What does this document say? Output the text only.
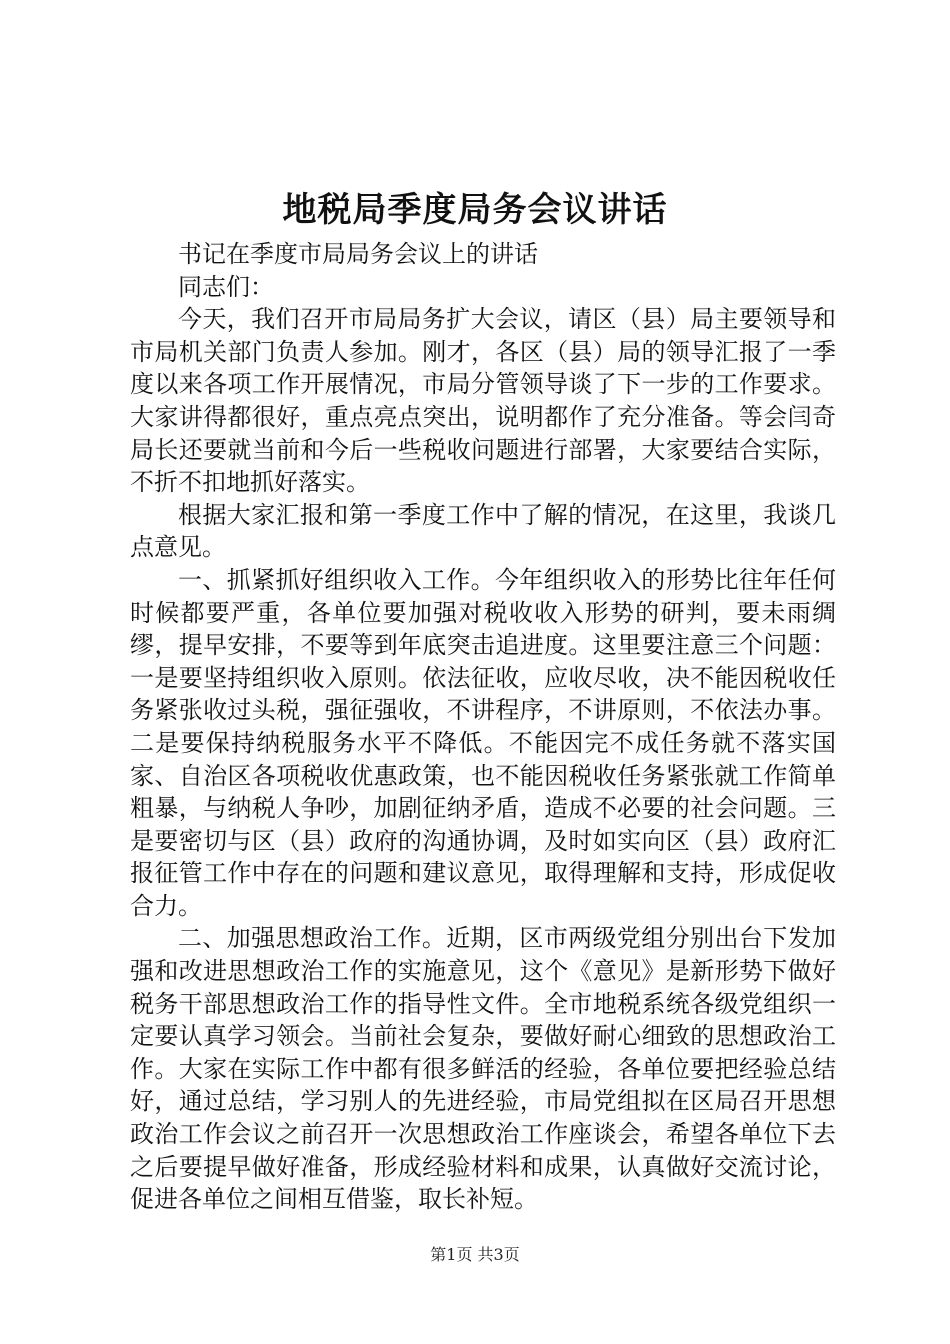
地税局季度局务会议讲话

书记在季度市局局务会议上的讲话

同志们：

今天，我们召开市局局务扩大会议，请区（县）局主要领导和市局机关部门负责人参加。刚才，各区（县）局的领导汇报了一季度以来各项工作开展情况，市局分管领导谈了下一步的工作要求。大家讲得都很好，重点亮点突出，说明都作了充分准备。等会闫奇局长还要就当前和今后一些税收问题进行部署，大家要结合实际，不折不扣地抓好落实。

根据大家汇报和第一季度工作中了解的情况，在这里，我谈几点意见。

一、抓紧抓好组织收入工作。今年组织收入的形势比往年任何时候都要严重，各单位要加强对税收收入形势的研判，要未雨绸缪，提早安排，不要等到年底突击追进度。这里要注意三个问题：一是要坚持组织收入原则。依法征收，应收尽收，决不能因税收任务紧张收过头税，强征强收，不讲程序，不讲原则，不依法办事。二是要保持纳税服务水平不降低。不能因完不成任务就不落实国家、自治区各项税收优惠政策，也不能因税收任务紧张就工作简单粗暴，与纳税人争吵，加剧征纳矛盾，造成不必要的社会问题。三是要密切与区（县）政府的沟通协调，及时如实向区（县）政府汇报征管工作中存在的问题和建议意见，取得理解和支持，形成促收合力。

二、加强思想政治工作。近期，区市两级党组分别出台下发加强和改进思想政治工作的实施意见，这个《意见》是新形势下做好税务干部思想政治工作的指导性文件。全市地税系统各级党组织一定要认真学习领会。当前社会复杂，要做好耐心细致的思想政治工作。大家在实际工作中都有很多鲜活的经验，各单位要把经验总结好，通过总结，学习别人的先进经验，市局党组拟在区局召开思想政治工作会议之前召开一次思想政治工作座谈会，希望各单位下去之后要提早做好准备，形成经验材料和成果，认真做好交流讨论，促进各单位之间相互借鉴，取长补短。

第1页 共3页
